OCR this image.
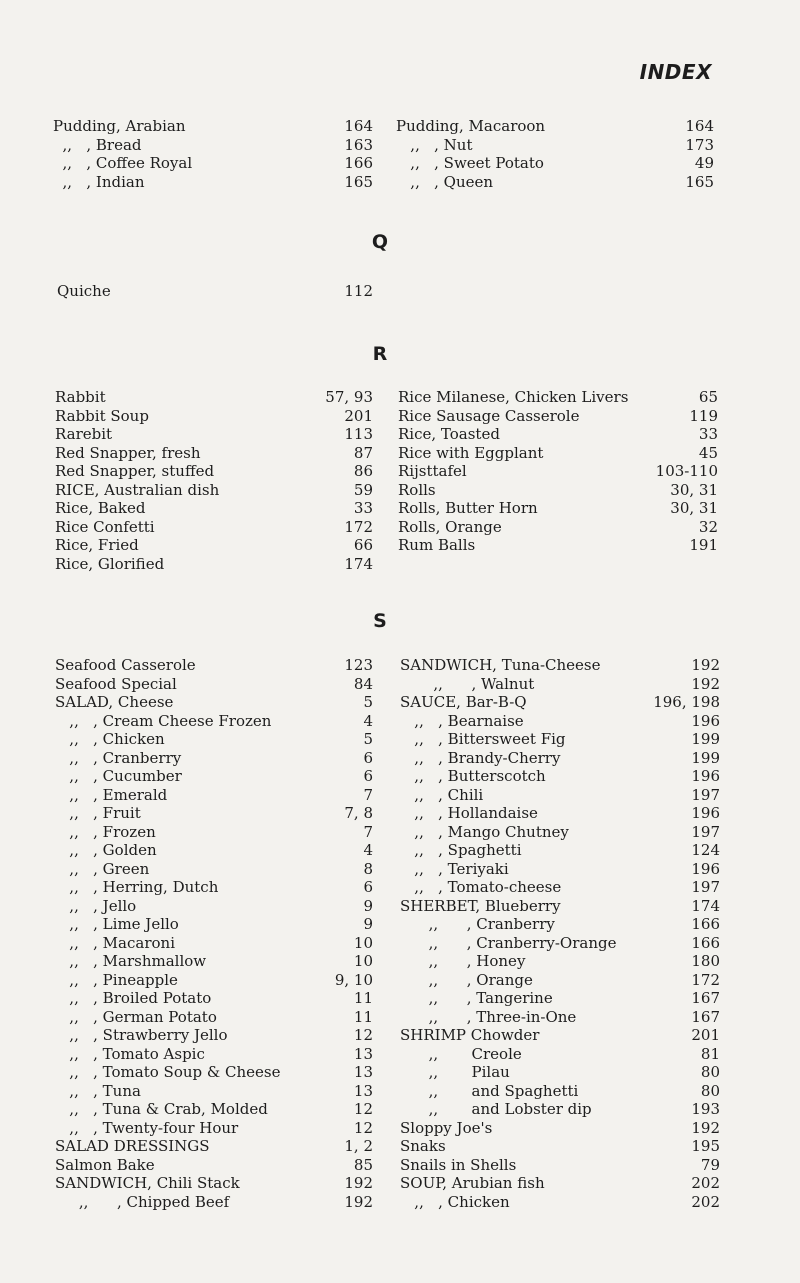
INDEX
Pudding, Arabian	164
,,   , Bread	163
,,   , Coffee Royal	166
,,   , Indian	165
Pudding, Macaroon	164
,,   , Nut	173
,,   , Sweet Potato	49
,,   , Queen	165
Q
Quiche	112
R
Rabbit	57, 93
Rabbit Soup	201
Rarebit	113
Red Snapper, fresh	87
Red Snapper, stuffed	86
RICE, Australian dish	59
Rice, Baked	33
Rice Confetti	172
Rice, Fried	66
Rice, Glorified	174
Rice Milanese, Chicken Livers	65
Rice Sausage Casserole	119
Rice, Toasted	33
Rice with Eggplant	45
Rijsttafel	103-110
Rolls	30, 31
Rolls, Butter Horn	30, 31
Rolls, Orange	32
Rum Balls	191
S
Seafood Casserole	123
Seafood Special	84
SALAD, Cheese	5
,,   , Cream Cheese Frozen	4
,,   , Chicken	5
,,   , Cranberry	6
,,   , Cucumber	6
,,   , Emerald	7
,,   , Fruit	7, 8
,,   , Frozen	7
,,   , Golden	4
,,   , Green	8
,,   , Herring, Dutch	6
,,   , Jello	9
,,   , Lime Jello	9
,,   , Macaroni	10
,,   , Marshmallow	10
,,   , Pineapple	9, 10
,,   , Broiled Potato	11
,,   , German Potato	11
,,   , Strawberry Jello	12
,,   , Tomato Aspic	13
,,   , Tomato Soup & Cheese	13
,,   , Tuna	13
,,   , Tuna & Crab, Molded	12
,,   , Twenty-four Hour	12
SALAD DRESSINGS	1, 2
Salmon Bake	85
SANDWICH, Chili Stack	192
,,      , Chipped Beef	192
SANDWICH, Tuna-Cheese	192
,,      , Walnut	192
SAUCE, Bar-B-Q	196, 198
,,   , Bearnaise	196
,,   , Bittersweet Fig	199
,,   , Brandy-Cherry	199
,,   , Butterscotch	196
,,   , Chili	197
,,   , Hollandaise	196
,,   , Mango Chutney	197
,,   , Spaghetti	124
,,   , Teriyaki	196
,,   , Tomato-cheese	197
SHERBET, Blueberry	174
,,      , Cranberry	166
,,      , Cranberry-Orange	166
,,      , Honey	180
,,      , Orange	172
,,      , Tangerine	167
,,      , Three-in-One	167
SHRIMP Chowder	201
,,       Creole	81
,,       Pilau	80
,,       and Spaghetti	80
,,       and Lobster dip	193
Sloppy Joe's	192
Snaks	195
Snails in Shells	79
SOUP, Arubian fish	202
,,   , Chicken	202
